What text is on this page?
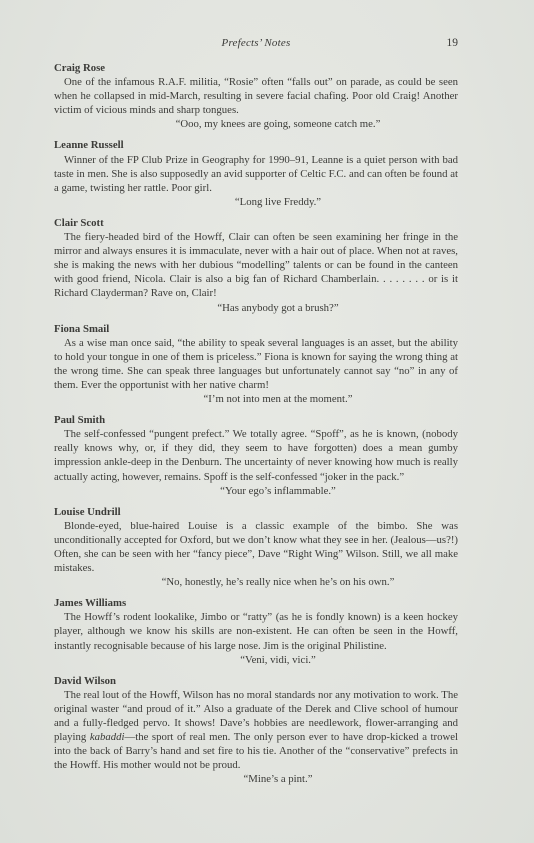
Prefects’ Notes	19

Craig Rose

One of the infamous R.A.F. militia, “Rosie” often “falls out” on parade, as could be seen when he collapsed in mid-March, resulting in severe facial chafing. Poor old Craig! Another victim of vicious minds and sharp tongues.

“Ooo, my knees are going, someone catch me.”

Leanne Russell

Winner of the FP Club Prize in Geography for 1990–91, Leanne is a quiet person with bad taste in men. She is also supposedly an avid supporter of Celtic F.C. and can often be found at a game, twisting her rattle. Poor girl.

“Long live Freddy.”

Clair Scott

The fiery-headed bird of the Howff, Clair can often be seen examining her fringe in the mirror and always ensures it is immaculate, never with a hair out of place. When not at raves, she is making the news with her dubious “modelling” talents or can be found in the canteen with good friend, Nicola. Clair is also a big fan of Richard Chamberlain. . . . . . . . or is it Richard Clayderman? Rave on, Clair!

“Has anybody got a brush?”

Fiona Smail

As a wise man once said, “the ability to speak several languages is an asset, but the ability to hold your tongue in one of them is priceless.” Fiona is known for saying the wrong thing at the wrong time. She can speak three languages but unfortunately cannot say “no” in any of them. Ever the opportunist with her native charm!

“I’m not into men at the moment.”

Paul Smith

The self-confessed “pungent prefect.” We totally agree. “Spoff”, as he is known, (nobody really knows why, or, if they did, they seem to have forgotten) does a mean gumby impression ankle-deep in the Denburn. The uncertainty of never knowing how much is really actually acting, however, remains. Spoff is the self-confessed “joker in the pack.”

“Your ego’s inflammable.”

Louise Undrill

Blonde-eyed, blue-haired Louise is a classic example of the bimbo. She was unconditionally accepted for Oxford, but we don’t know what they see in her. (Jealous—us?!) Often, she can be seen with her “fancy piece”, Dave “Right Wing” Wilson. Still, we all make mistakes.

“No, honestly, he’s really nice when he’s on his own.”

James Williams

The Howff’s rodent lookalike, Jimbo or “ratty” (as he is fondly known) is a keen hockey player, although we know his skills are non-existent. He can often be seen in the Howff, instantly recognisable because of his large nose. Jim is the original Philistine.

“Veni, vidi, vici.”

David Wilson

The real lout of the Howff, Wilson has no moral standards nor any motivation to work. The original waster “and proud of it.” Also a graduate of the Derek and Clive school of humour and a fully-fledged pervo. It shows! Dave’s hobbies are needlework, flower-arranging and playing kabaddi—the sport of real men. The only person ever to have drop-kicked a trowel into the back of Barry’s hand and set fire to his tie. Another of the “conservative” prefects in the Howff. His mother would not be proud.

“Mine’s a pint.”
